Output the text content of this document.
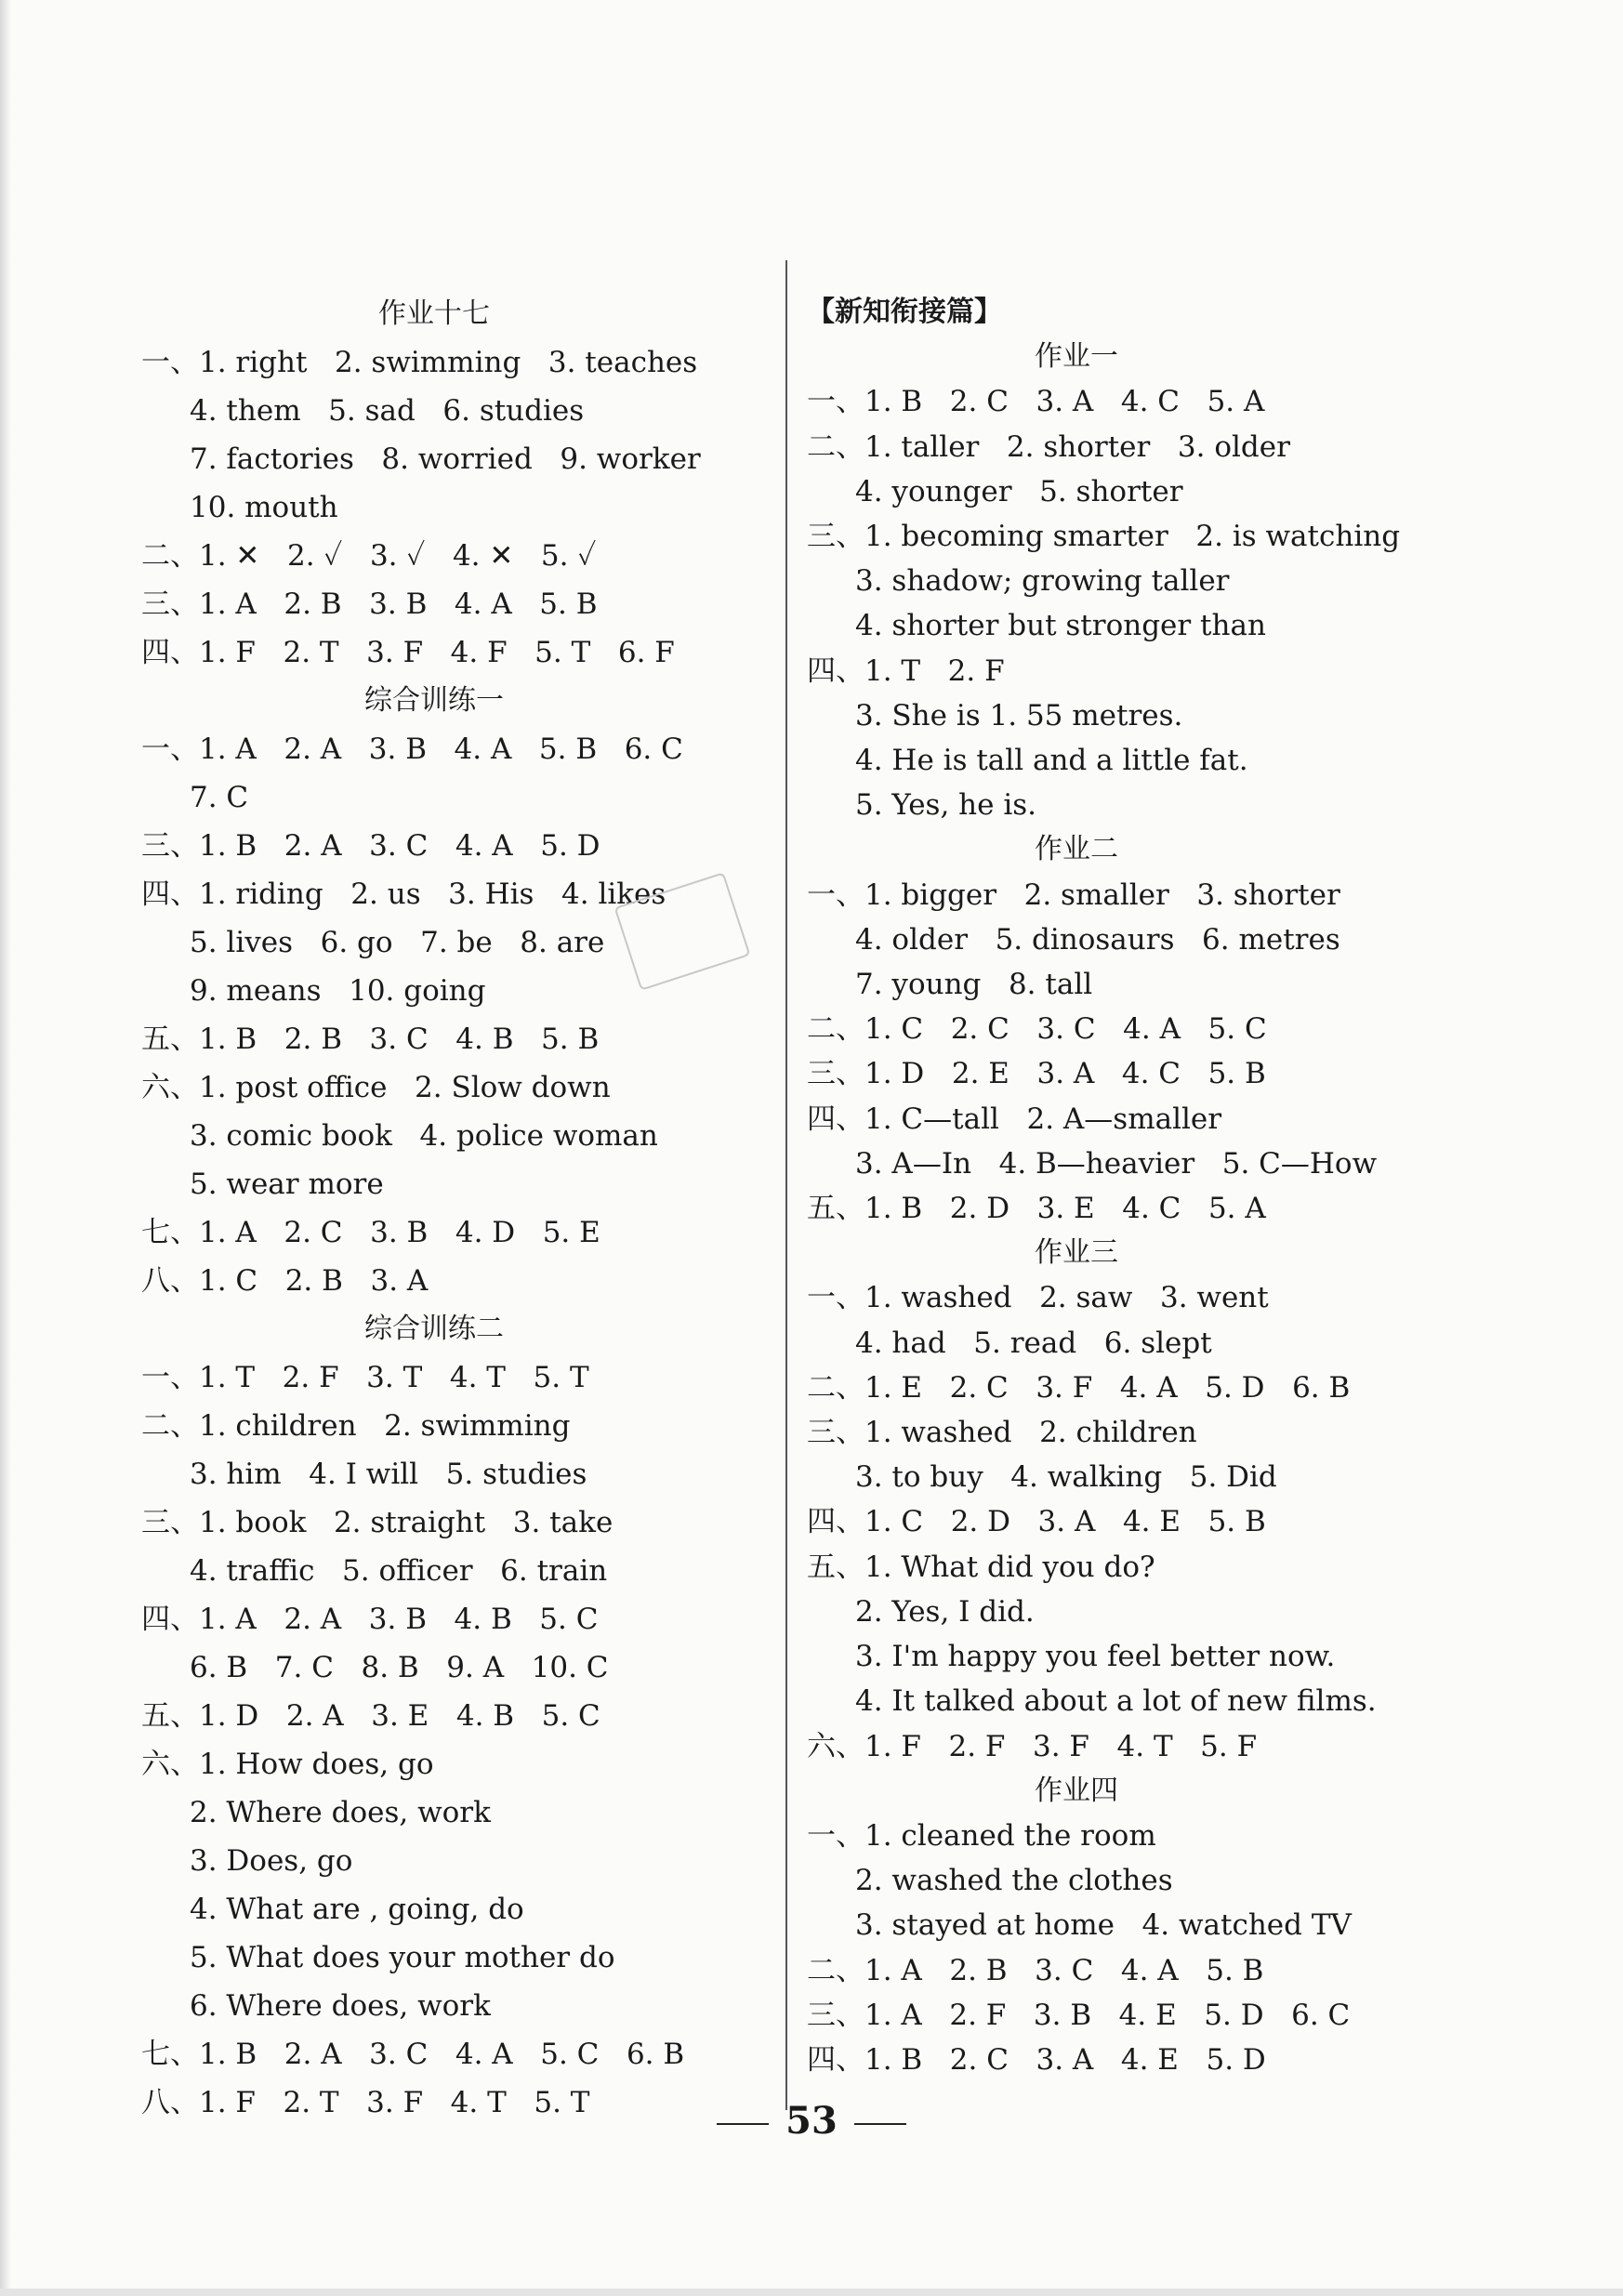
作业十七
一、1. right   2. swimming   3. teaches
4. them   5. sad   6. studies
7. factories   8. worried   9. worker
10. mouth
二、1. ✕   2. ✓   3. ✓   4. ✕   5. ✓
三、1. A   2. B   3. B   4. A   5. B
四、1. F   2. T   3. F   4. F   5. T   6. F
综合训练一
一、1. A   2. A   3. B   4. A   5. B   6. C
7. C
三、1. B   2. A   3. C   4. A   5. D
四、1. riding   2. us   3. His   4. likes
5. lives   6. go   7. be   8. are
9. means   10. going
五、1. B   2. B   3. C   4. B   5. B
六、1. post office   2. Slow down
3. comic book   4. police woman
5. wear more
七、1. A   2. C   3. B   4. D   5. E
八、1. C   2. B   3. A
综合训练二
一、1. T   2. F   3. T   4. T   5. T
二、1. children   2. swimming
3. him   4. I will   5. studies
三、1. book   2. straight   3. take
4. traffic   5. officer   6. train
四、1. A   2. A   3. B   4. B   5. C
6. B   7. C   8. B   9. A   10. C
五、1. D   2. A   3. E   4. B   5. C
六、1. How does, go
2. Where does, work
3. Does, go
4. What are , going, do
5. What does your mother do
6. Where does, work
七、1. B   2. A   3. C   4. A   5. C   6. B
八、1. F   2. T   3. F   4. T   5. T
【新知衔接篇】
作业一
一、1. B   2. C   3. A   4. C   5. A
二、1. taller   2. shorter   3. older
4. younger   5. shorter
三、1. becoming smarter   2. is watching
3. shadow; growing taller
4. shorter but stronger than
四、1. T   2. F
3. She is 1. 55 metres.
4. He is tall and a little fat.
5. Yes, he is.
作业二
一、1. bigger   2. smaller   3. shorter
4. older   5. dinosaurs   6. metres
7. young   8. tall
二、1. C   2. C   3. C   4. A   5. C
三、1. D   2. E   3. A   4. C   5. B
四、1. C—tall   2. A—smaller
3. A—In   4. B—heavier   5. C—How
五、1. B   2. D   3. E   4. C   5. A
作业三
一、1. washed   2. saw   3. went
4. had   5. read   6. slept
二、1. E   2. C   3. F   4. A   5. D   6. B
三、1. washed   2. children
3. to buy   4. walking   5. Did
四、1. C   2. D   3. A   4. E   5. B
五、1. What did you do?
2. Yes, I did.
3. I'm happy you feel better now.
4. It talked about a lot of new films.
六、1. F   2. F   3. F   4. T   5. F
作业四
一、1. cleaned the room
2. washed the clothes
3. stayed at home   4. watched TV
二、1. A   2. B   3. C   4. A   5. B
三、1. A   2. F   3. B   4. E   5. D   6. C
四、1. B   2. C   3. A   4. E   5. D
53
